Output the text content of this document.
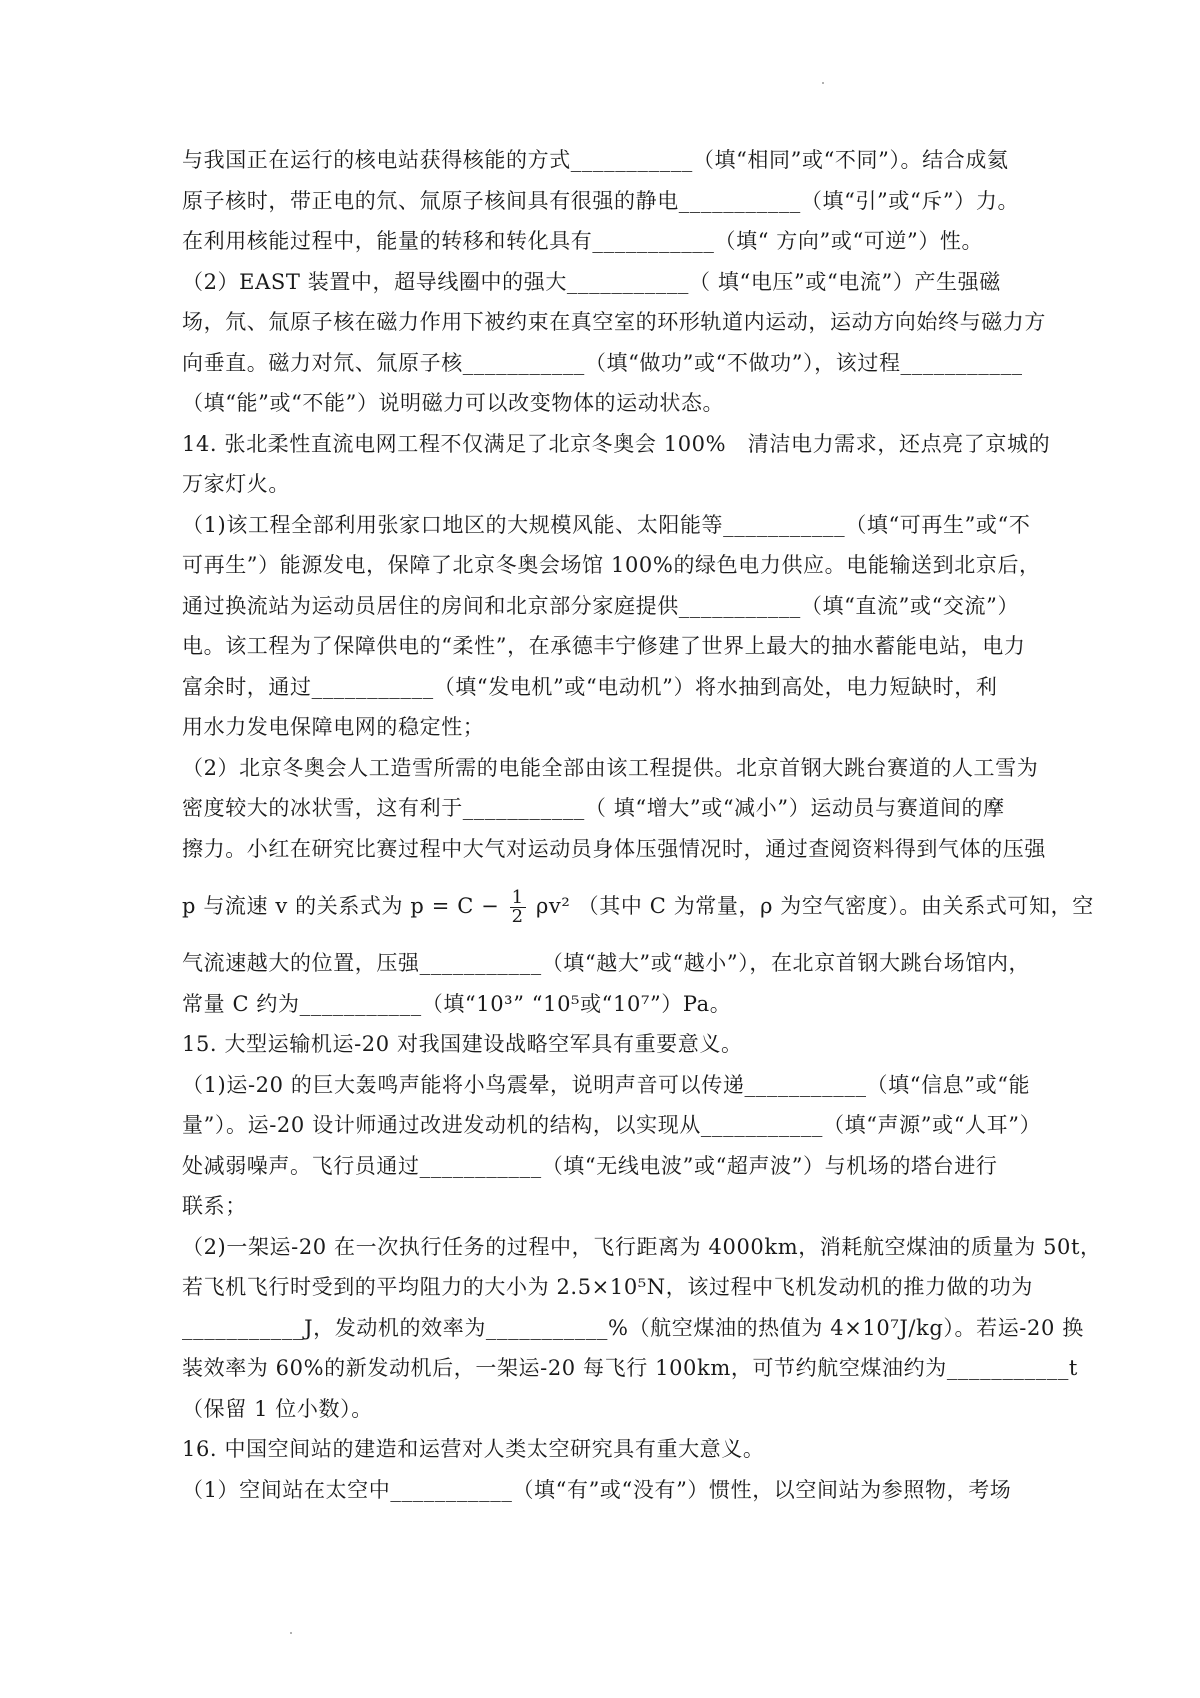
与我国正在运行的核电站获得核能的方式___________（填“相同”或“不同”）。结合成氦
原子核时，带正电的氘、氚原子核间具有很强的静电___________（填“引”或“斥”）力。
在利用核能过程中，能量的转移和转化具有___________（填“ 方向”或“可逆”）性。
（2）EAST 装置中，超导线圈中的强大___________（ 填“电压”或“电流”）产生强磁
场，氘、氚原子核在磁力作用下被约束在真空室的环形轨道内运动，运动方向始终与磁力方
向垂直。磁力对氘、氚原子核___________（填“做功”或“不做功”），该过程___________
（填“能”或“不能”）说明磁力可以改变物体的运动状态。
14. 张北柔性直流电网工程不仅满足了北京冬奥会 100%　清洁电力需求，还点亮了京城的
万家灯火。
（1)该工程全部利用张家口地区的大规模风能、太阳能等___________（填“可再生”或“不
可再生”）能源发电，保障了北京冬奥会场馆 100%的绿色电力供应。电能输送到北京后，
通过换流站为运动员居住的房间和北京部分家庭提供___________（填“直流”或“交流”）
电。该工程为了保障供电的“柔性”，在承德丰宁修建了世界上最大的抽水蓄能电站，电力
富余时，通过___________（填“发电机”或“电动机”）将水抽到高处，电力短缺时，利
用水力发电保障电网的稳定性；
（2）北京冬奥会人工造雪所需的电能全部由该工程提供。北京首钢大跳台赛道的人工雪为
密度较大的冰状雪，这有利于___________（ 填“增大”或“减小”）运动员与赛道间的摩
擦力。小红在研究比赛过程中大气对运动员身体压强情况时，通过查阅资料得到气体的压强
p 与流速 v 的关系式为 $p = C - \frac{1}{2} \rho v^2$ （其中 C 为常量，ρ 为空气密度）。由关系式可知，空
气流速越大的位置，压强___________（填“越大”或“越小”），在北京首钢大跳台场馆内，
常量 C 约为___________（填“10³” “10⁵或“10⁷”）Pa。
15. 大型运输机运-20 对我国建设战略空军具有重要意义。
（1)运-20 的巨大轰鸣声能将小鸟震晕，说明声音可以传递___________（填“信息”或“能
量”）。运-20 设计师通过改进发动机的结构，以实现从___________（填“声源”或“人耳”）
处减弱噪声。飞行员通过___________（填“无线电波”或“超声波”）与机场的塔台进行
联系；
（2)一架运-20 在一次执行任务的过程中，飞行距离为 4000km，消耗航空煤油的质量为 50t，
若飞机飞行时受到的平均阻力的大小为 2.5×10⁵N，该过程中飞机发动机的推力做的功为
___________J，发动机的效率为___________%（航空煤油的热值为 4×10⁷J/kg）。若运-20 换
装效率为 60%的新发动机后，一架运-20 每飞行 100km，可节约航空煤油约为___________t
（保留 1 位小数）。
16. 中国空间站的建造和运营对人类太空研究具有重大意义。
（1）空间站在太空中___________（填“有”或“没有”）惯性，以空间站为参照物，考场
